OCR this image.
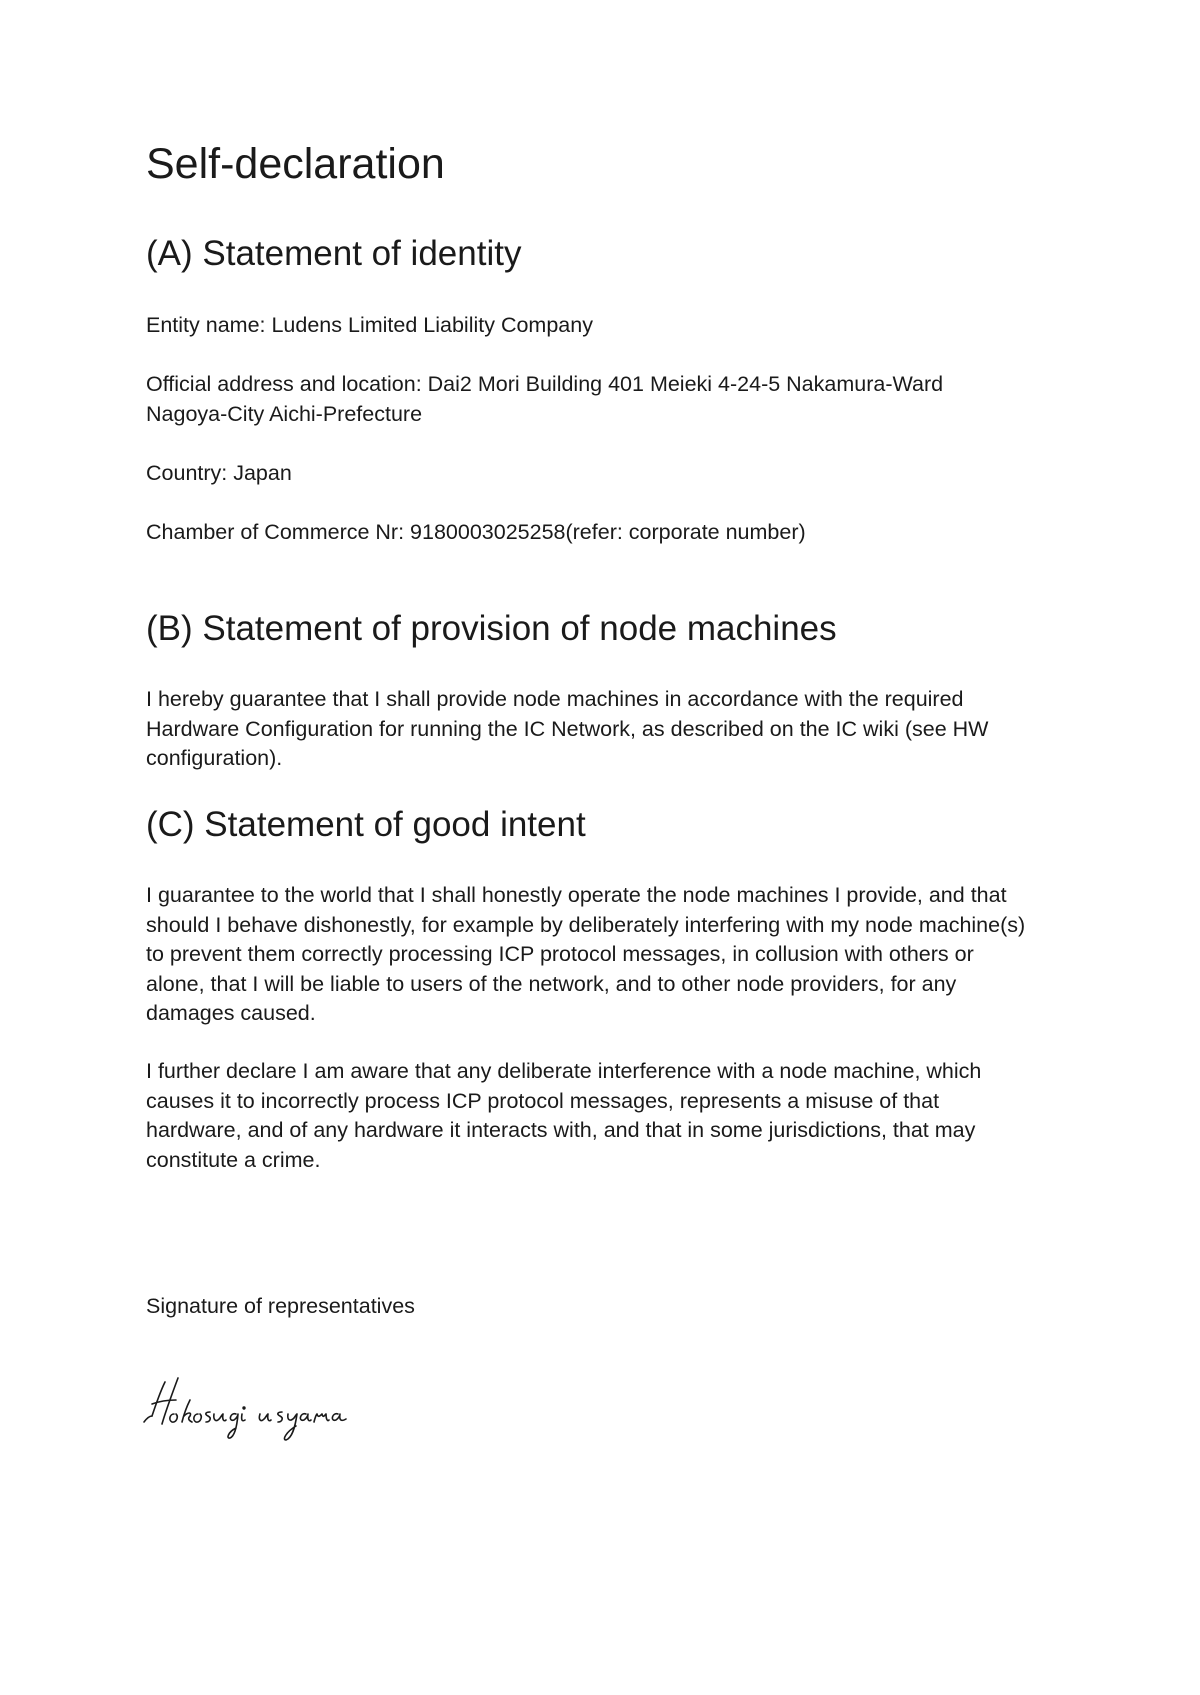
Self-declaration
(A) Statement of identity

Entity name: Ludens Limited Liability Company

Official address and location: Dai2 Mori Building 401 Meieki 4-24-5 Nakamura-Ward
Nagoya-City Aichi-Prefecture

Country: Japan

Chamber of Commerce Nr: 9180003025258(refer: corporate number)

(B) Statement of provision of node machines
I hereby guarantee that I shall provide node machines in accordance with the required
Hardware Configuration for running the IC Network, as described on the IC wiki (see HW
configuration).
(C) Statement of good intent
I guarantee to the world that I shall honestly operate the node machines I provide, and that
should I behave dishonestly, for example by deliberately interfering with my node machine(s)
to prevent them correctly processing ICP protocol messages, in collusion with others or
alone, that I will be liable to users of the network, and to other node providers, for any
damages caused.
I further declare I am aware that any deliberate interference with a node machine, which
causes it to incorrectly process ICP protocol messages, represents a misuse of that
hardware, and of any hardware it interacts with, and that in some jurisdictions, that may
constitute a crime.

Signature of representatives
